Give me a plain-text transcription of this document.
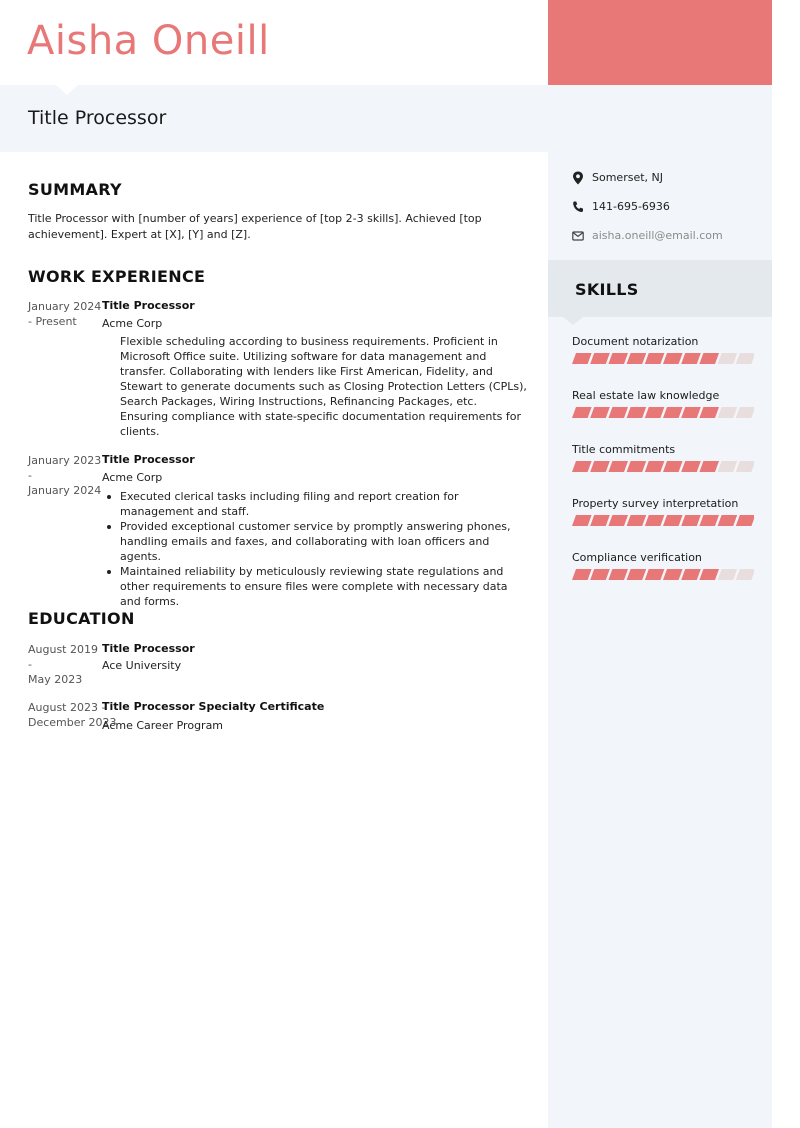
Aisha Oneill
Title Processor
SUMMARY

Title Processor with [number of years] experience of [top 2-3 skills]. Achieved [top achievement]. Expert at [X], [Y] and [Z].

WORK EXPERIENCE
January 2024
- Present
Title Processor
Acme Corp

Flexible scheduling according to business requirements. Proficient in Microsoft Office suite. Utilizing software for data management and transfer. Collaborating with lenders like First American, Fidelity, and Stewart to generate documents such as Closing Protection Letters (CPLs), Search Packages, Wiring Instructions, Refinancing Packages, etc. Ensuring compliance with state-specific documentation requirements for clients.

January 2023
-
January 2024
Title Processor
Acme Corp
Executed clerical tasks including filing and report creation for management and staff.
Provided exceptional customer service by promptly answering phones, handling emails and faxes, and collaborating with loan officers and agents.
Maintained reliability by meticulously reviewing state regulations and other requirements to ensure files were complete with necessary data and forms.
EDUCATION
August 2019 -
May 2023
Title Processor
Ace University
August 2023 -
December 2023
Title Processor Specialty Certificate
Acme Career Program
Somerset, NJ
141-695-6936
aisha.oneill@email.com
SKILLS
Document notarization
Real estate law knowledge
Title commitments
Property survey interpretation
Compliance verification
